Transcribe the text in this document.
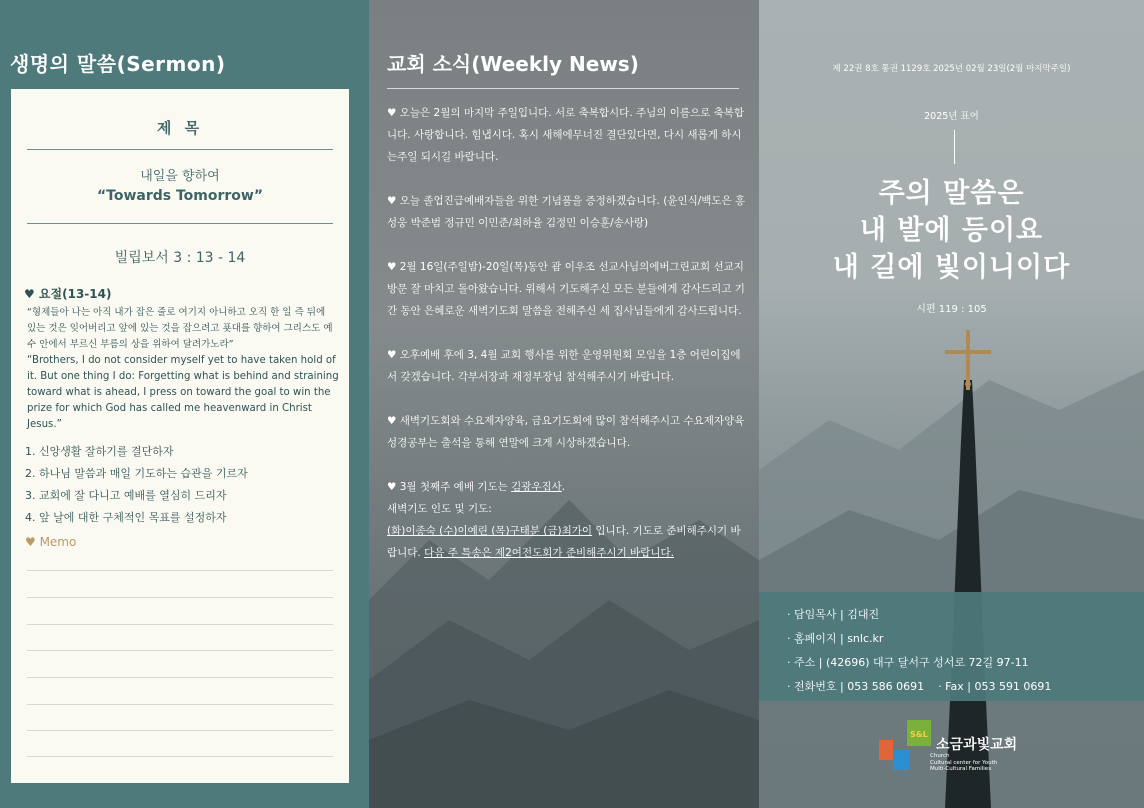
생명의 말씀(Sermon)
제 목
내일을 향하여
“Towards Tomorrow”
빌립보서 3 : 13 - 14
♥ 요절(13-14)

“형제들아 나는 아직 내가 잡은 줄로 여기지 아니하고 오직 한 일 즉 뒤에 있는 것은 잊어버리고 앞에 있는 것을 잡으려고 푯대를 향하여 그리스도 예수 안에서 부르신 부름의 상을 위하여 달려가노라”

“Brothers, I do not consider myself yet to have taken hold of it. But one thing I do: Forgetting what is behind and straining toward what is ahead, I press on toward the goal to win the prize for which God has called me heavenward in Christ Jesus.”

1. 신앙생활 잘하기를 결단하자
2. 하나님 말씀과 매일 기도하는 습관을 기르자
3. 교회에 잘 다니고 예배를 열심히 드리자
4. 앞 날에 대한 구체적인 목표를 설정하자
♥ Memo
교회 소식(Weekly News)

♥ 오늘은 2월의 마지막 주일입니다. 서로 축복합시다. 주님의 이름으로 축복합니다. 사랑합니다. 힘냅시다. 혹시 새해에무너진 결단있다면, 다시 새롭게 하시는주일 되시길 바랍니다.

♥ 오늘 졸업진급예배자들을 위한 기념품을 증정하겠습니다. (윤인식/백도은 홍성웅 박준범 정규민 이민준/최하율 김정민 이승훈/송사랑)

♥ 2월 16일(주일밤)-20일(목)동안 괌 이우조 선교사님의에버그린교회 선교지 방문 잘 마치고 돌아왔습니다. 위해서 기도해주신 모든 분들에게 감사드리고 기간 동안 은혜로운 새벽기도회 말씀을 전해주신 세 집사님들에게 감사드립니다.

♥ 오후예배 후에 3, 4월 교회 행사를 위한 운영위원회 모임을 1층 어린이집에서 갖겠습니다. 각부서장과 재정부장님 참석해주시기 바랍니다.

♥ 새벽기도회와 수요제자양육, 금요기도회에 많이 참석해주시고 수요제자양육 성경공부는 출석을 통해 연말에 크게 시상하겠습니다.

♥ 3월 첫째주 예배 기도는 김광우집사.
새벽기도 인도 및 기도:
(화)이종숙 (수)이예린 (목)구태분 (금)최가이 입니다. 기도로 준비해주시기 바랍니다. 다음 주 특송은 제2여전도회가 준비해주시기 바랍니다.

제 22권 8호 통권 1129호 2025년 02월 23일(2월 마지막주일)
2025년 표어
주의 말씀은
내 발에 등이요
내 길에 빛이니이다
시편 119 : 105
· 담임목사 | 김대진
· 홈페이지 | snlc.kr
· 주소 | (42696) 대구 달서구 성서로 72길 97-11
· 전화번호 | 053 586 0691 · Fax | 053 591 0691
S&L
소금과빛교회
Church
Cultural center for Youth
Multi-Cultural Families
